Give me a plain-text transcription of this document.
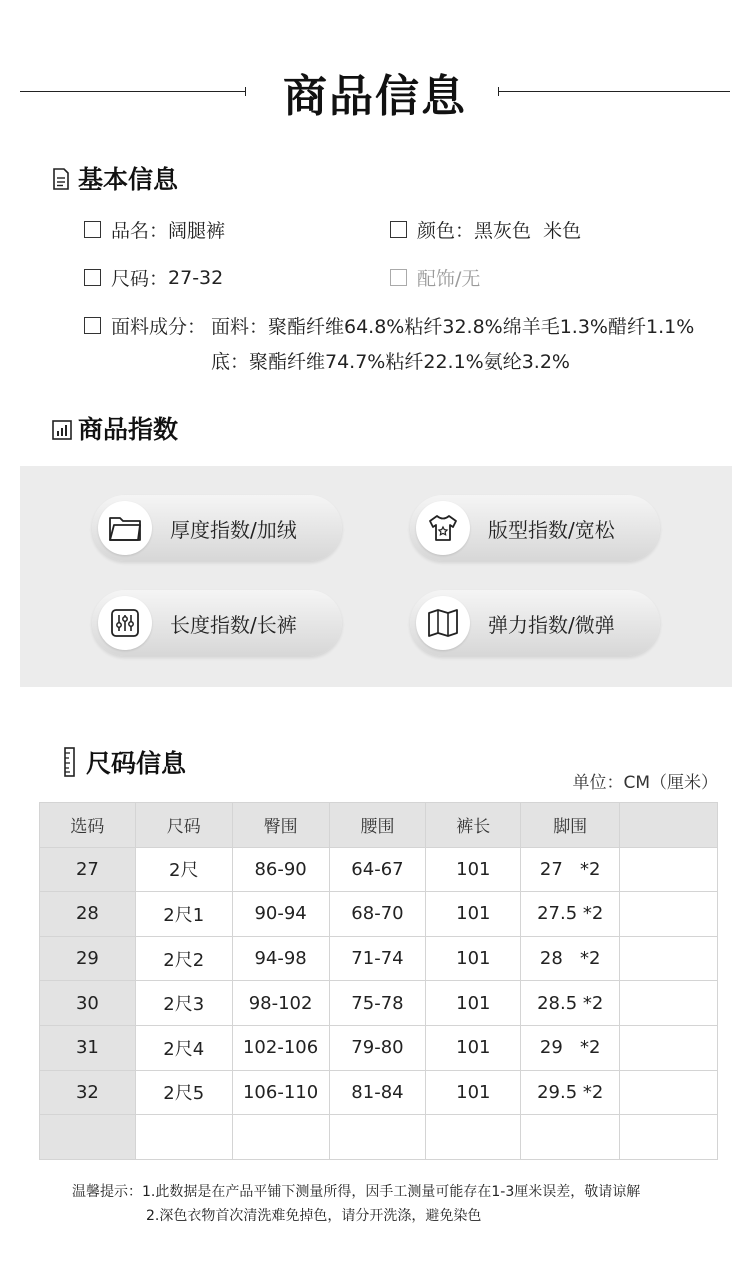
商品信息
基本信息
品名： 阔腿裤	颜色： 黑灰色  米色
尺码： 27-32	配饰/无
面料成分： 面料：聚酯纤维64.8%粘纤32.8%绵羊毛1.3%醋纤1.1%
底：聚酯纤维74.7%粘纤22.1%氨纶3.2%
商品指数
厚度指数/加绒	版型指数/宽松
长度指数/长裤	弹力指数/微弹
尺码信息
单位：CM（厘米）
选码	尺码	臀围	腰围	裤长	脚围	
27	2尺	86-90	64-67	101	27   *2	
28	2尺1	90-94	68-70	101	27.5 *2	
29	2尺2	94-98	71-74	101	28   *2	
30	2尺3	98-102	75-78	101	28.5 *2	
31	2尺4	102-106	79-80	101	29   *2	
32	2尺5	106-110	81-84	101	29.5 *2	

温馨提示：1.此数据是在产品平铺下测量所得，因手工测量可能存在1-3厘米误差，敬请谅解
2.深色衣物首次清洗难免掉色，请分开洗涤，避免染色
